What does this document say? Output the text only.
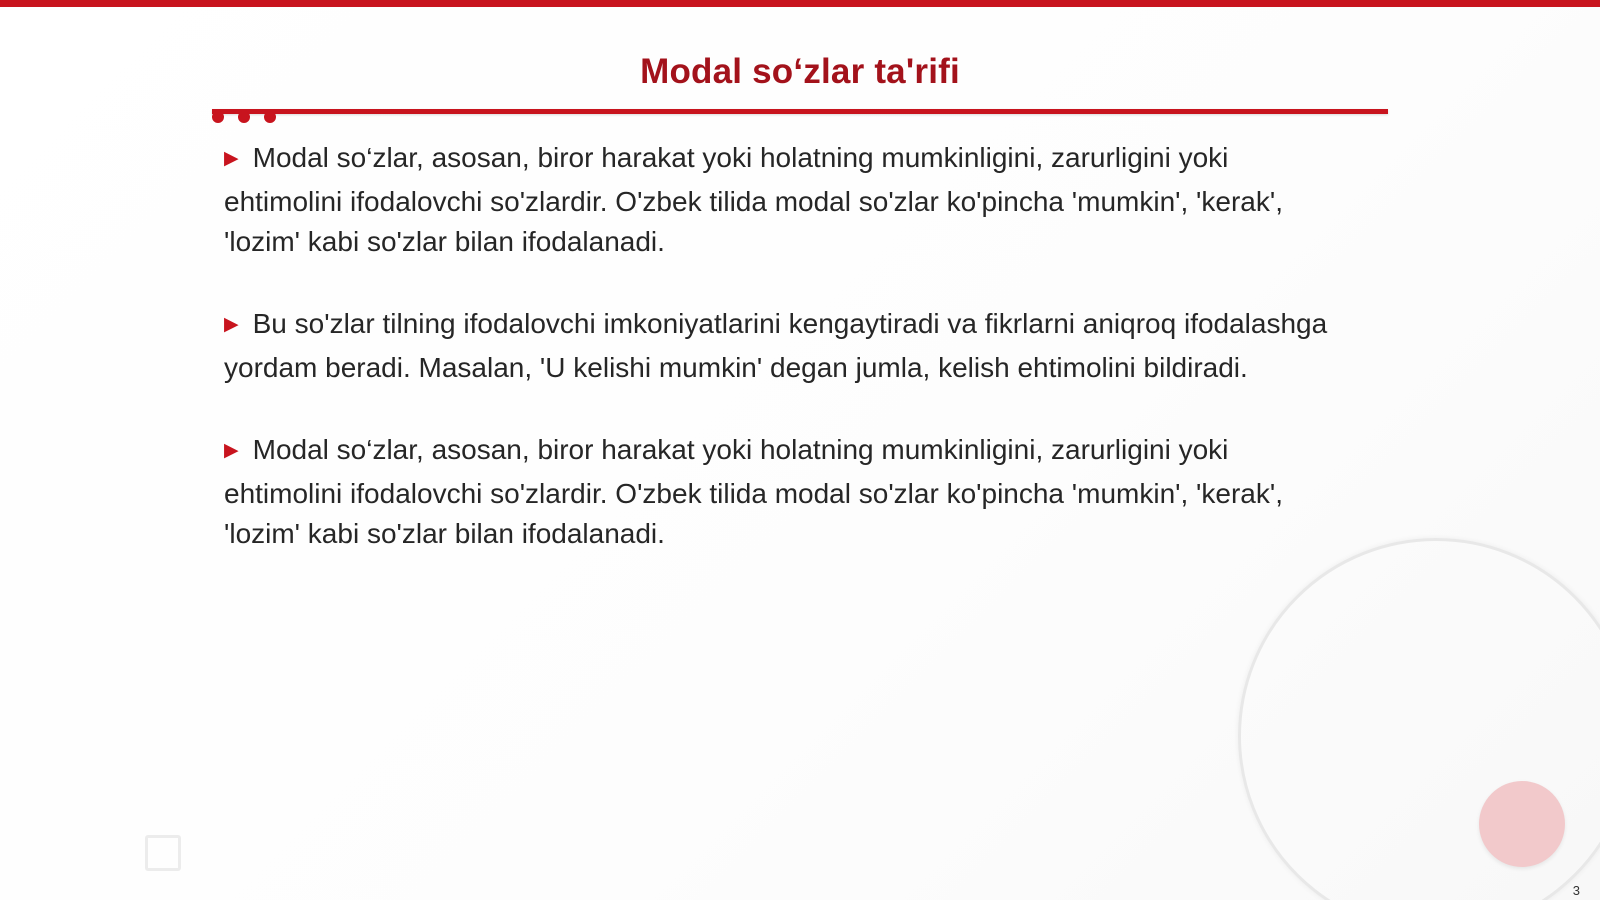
Modal so‘zlar ta'rifi

▶ Modal so‘zlar, asosan, biror harakat yoki holatning mumkinligini, zarurligini yoki ehtimolini ifodalovchi so'zlardir. O'zbek tilida modal so'zlar ko'pincha 'mumkin', 'kerak', 'lozim' kabi so'zlar bilan ifodalanadi.

▶ Bu so'zlar tilning ifodalovchi imkoniyatlarini kengaytiradi va fikrlarni aniqroq ifodalashga yordam beradi. Masalan, 'U kelishi mumkin' degan jumla, kelish ehtimolini bildiradi.

▶ Modal so‘zlar, asosan, biror harakat yoki holatning mumkinligini, zarurligini yoki ehtimolini ifodalovchi so'zlardir. O'zbek tilida modal so'zlar ko'pincha 'mumkin', 'kerak', 'lozim' kabi so'zlar bilan ifodalanadi.

3
